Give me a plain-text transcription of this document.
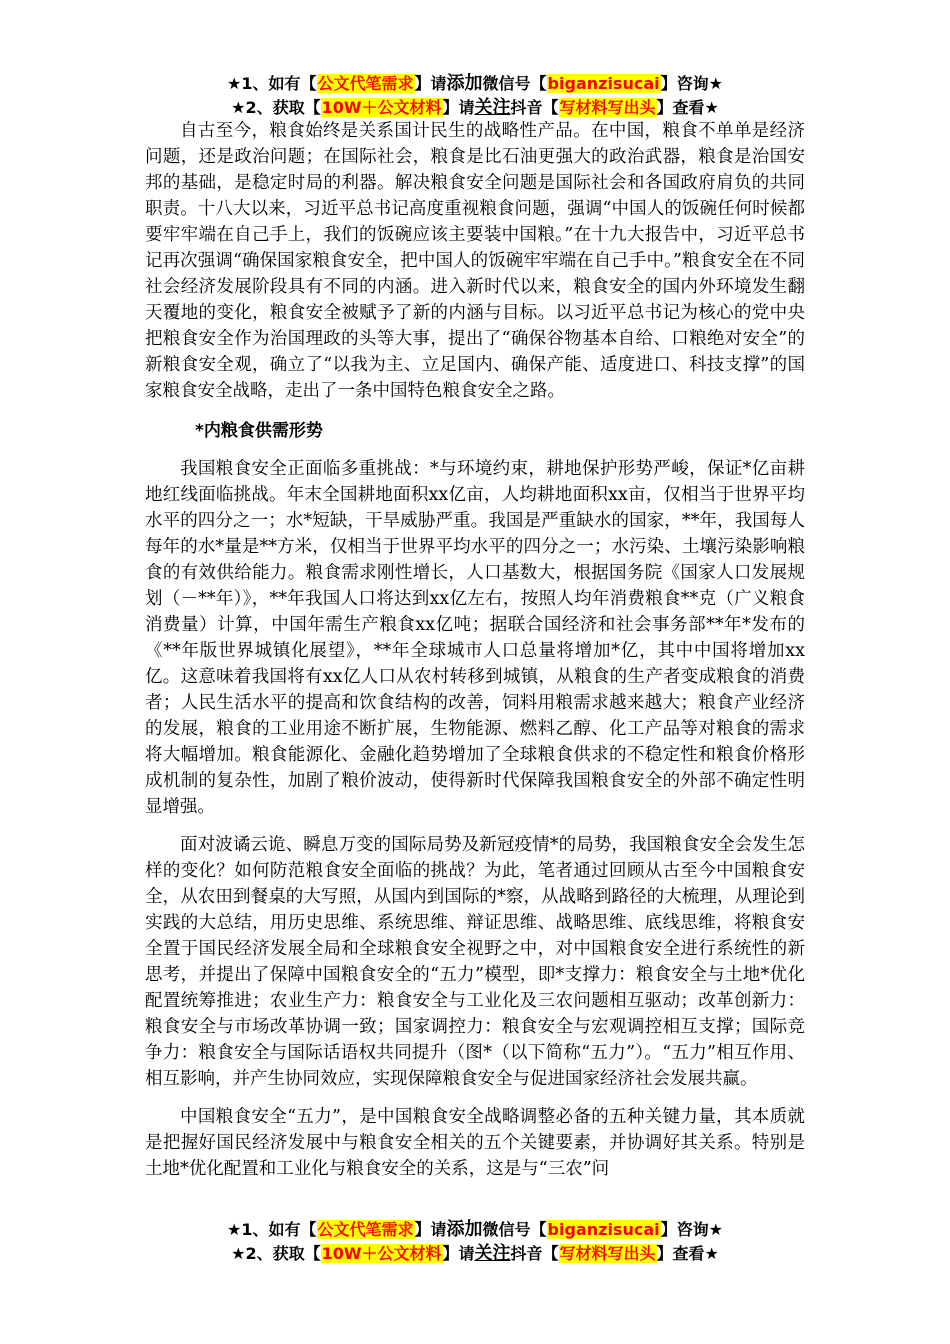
★1、如有【公文代笔需求】请添加微信号【biganzisucai】咨询★
★2、获取【10W＋公文材料】请关注抖音【写材料写出头】查看★

自古至今，粮食始终是关系国计民生的战略性产品。在中国，粮食不单单是经济问题，还是政治问题；在国际社会，粮食是比石油更强大的政治武器，粮食是治国安邦的基础，是稳定时局的利器。解决粮食安全问题是国际社会和各国政府肩负的共同职责。十八大以来，习近平总书记高度重视粮食问题，强调“中国人的饭碗任何时候都要牢牢端在自己手上，我们的饭碗应该主要装中国粮。”在十九大报告中，习近平总书记再次强调“确保国家粮食安全，把中国人的饭碗牢牢端在自己手中。”粮食安全在不同社会经济发展阶段具有不同的内涵。进入新时代以来，粮食安全的国内外环境发生翻天覆地的变化，粮食安全被赋予了新的内涵与目标。以习近平总书记为核心的党中央把粮食安全作为治国理政的头等大事，提出了“确保谷物基本自给、口粮绝对安全”的新粮食安全观，确立了“以我为主、立足国内、确保产能、适度进口、科技支撑”的国家粮食安全战略，走出了一条中国特色粮食安全之路。

*内粮食供需形势

我国粮食安全正面临多重挑战：*与环境约束，耕地保护形势严峻，保证*亿亩耕地红线面临挑战。年末全国耕地面积xx亿亩，人均耕地面积xx亩，仅相当于世界平均水平的四分之一；水*短缺，干旱威胁严重。我国是严重缺水的国家，**年，我国每人每年的水*量是**方米，仅相当于世界平均水平的四分之一；水污染、土壤污染影响粮食的有效供给能力。粮食需求刚性增长，人口基数大，根据国务院《国家人口发展规划（－**年）》，**年我国人口将达到xx亿左右，按照人均年消费粮食**克（广义粮食消费量）计算，中国年需生产粮食xx亿吨；据联合国经济和社会事务部**年*发布的《**年版世界城镇化展望》，**年全球城市人口总量将增加*亿，其中中国将增加xx亿。这意味着我国将有xx亿人口从农村转移到城镇，从粮食的生产者变成粮食的消费者；人民生活水平的提高和饮食结构的改善，饲料用粮需求越来越大；粮食产业经济的发展，粮食的工业用途不断扩展，生物能源、燃料乙醇、化工产品等对粮食的需求将大幅增加。粮食能源化、金融化趋势增加了全球粮食供求的不稳定性和粮食价格形成机制的复杂性，加剧了粮价波动，使得新时代保障我国粮食安全的外部不确定性明显增强。

面对波谲云诡、瞬息万变的国际局势及新冠疫情*的局势，我国粮食安全会发生怎样的变化？如何防范粮食安全面临的挑战？为此，笔者通过回顾从古至今中国粮食安全，从农田到餐桌的大写照，从国内到国际的*察，从战略到路径的大梳理，从理论到实践的大总结，用历史思维、系统思维、辩证思维、战略思维、底线思维，将粮食安全置于国民经济发展全局和全球粮食安全视野之中，对中国粮食安全进行系统性的新思考，并提出了保障中国粮食安全的“五力”模型，即*支撑力：粮食安全与土地*优化配置统筹推进；农业生产力：粮食安全与工业化及三农问题相互驱动；改革创新力：粮食安全与市场改革协调一致；国家调控力：粮食安全与宏观调控相互支撑；国际竞争力：粮食安全与国际话语权共同提升（图*（以下简称“五力”）。“五力”相互作用、相互影响，并产生协同效应，实现保障粮食安全与促进国家经济社会发展共赢。

中国粮食安全“五力”，是中国粮食安全战略调整必备的五种关键力量，其本质就是把握好国民经济发展中与粮食安全相关的五个关键要素，并协调好其关系。特别是土地*优化配置和工业化与粮食安全的关系，这是与“三农”问

★1、如有【公文代笔需求】请添加微信号【biganzisucai】咨询★
★2、获取【10W＋公文材料】请关注抖音【写材料写出头】查看★
